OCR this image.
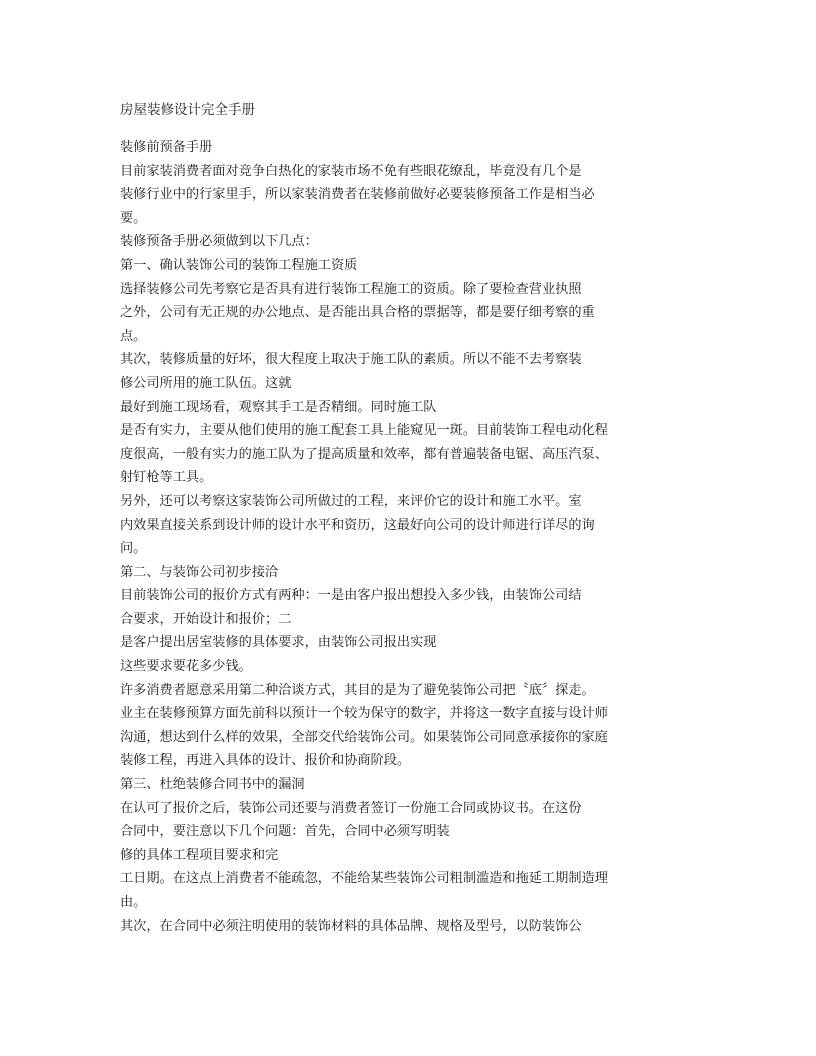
房屋装修设计完全手册
装修前预备手册
目前家装消费者面对竞争白热化的家装市场不免有些眼花缭乱，毕竟没有几个是
装修行业中的行家里手，所以家装消费者在装修前做好必要装修预备工作是相当必
要。
装修预备手册必须做到以下几点：
第一、确认装饰公司的装饰工程施工资质
选择装修公司先考察它是否具有进行装饰工程施工的资质。除了要检查营业执照
之外，公司有无正规的办公地点、是否能出具合格的票据等，都是要仔细考察的重
点。
其次，装修质量的好坏，很大程度上取决于施工队的素质。所以不能不去考察装
修公司所用的施工队伍。这就
最好到施工现场看，观察其手工是否精细。同时施工队
是否有实力，主要从他们使用的施工配套工具上能窥见一斑。目前装饰工程电动化程
度很高，一般有实力的施工队为了提高质量和效率，都有普遍装备电锯、高压汽泵、
射钉枪等工具。
另外，还可以考察这家装饰公司所做过的工程，来评价它的设计和施工水平。室
内效果直接关系到设计师的设计水平和资历，这最好向公司的设计师进行详尽的询
问。
第二、与装饰公司初步接洽
目前装饰公司的报价方式有两种：一是由客户报出想投入多少钱，由装饰公司结
合要求，开始设计和报价；二
是客户提出居室装修的具体要求，由装饰公司报出实现
这些要求要花多少钱。
许多消费者愿意采用第二种洽谈方式，其目的是为了避免装饰公司把〝底〞探走。
业主在装修预算方面先前科以预计一个较为保守的数字，并将这一数字直接与设计师
沟通，想达到什么样的效果，全部交代给装饰公司。如果装饰公司同意承接你的家庭
装修工程，再进入具体的设计、报价和协商阶段。
第三、杜绝装修合同书中的漏洞
在认可了报价之后，装饰公司还要与消费者签订一份施工合同或协议书。在这份
合同中，要注意以下几个问题：首先，合同中必须写明装
修的具体工程项目要求和完
工日期。在这点上消费者不能疏忽，不能给某些装饰公司粗制滥造和拖延工期制造理
由。
其次，在合同中必须注明使用的装饰材料的具体品牌、规格及型号，以防装饰公
